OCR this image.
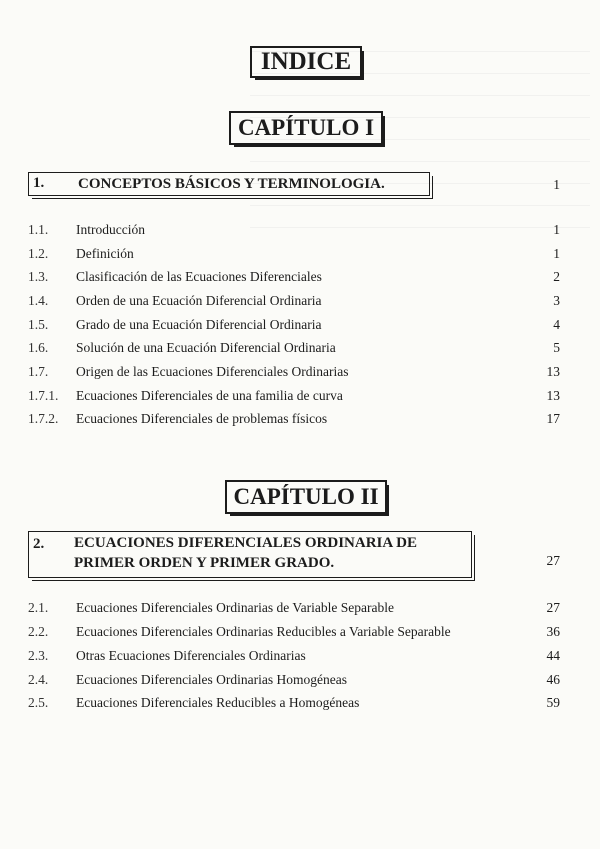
INDICE
CAPÍTULO I
1. CONCEPTOS BÁSICOS Y TERMINOLOGIA.	1
1.1. Introducción	1
1.2. Definición	1
1.3. Clasificación de las Ecuaciones Diferenciales	2
1.4. Orden de una Ecuación Diferencial Ordinaria	3
1.5. Grado de una Ecuación Diferencial Ordinaria	4
1.6. Solución de una Ecuación Diferencial Ordinaria	5
1.7. Origen de las Ecuaciones Diferenciales Ordinarias	13
1.7.1. Ecuaciones Diferenciales de una familia de curva	13
1.7.2. Ecuaciones Diferenciales de problemas físicos	17
CAPÍTULO II
2. ECUACIONES DIFERENCIALES ORDINARIA DE
PRIMER ORDEN Y PRIMER GRADO.	27
2.1. Ecuaciones Diferenciales Ordinarias de Variable Separable	27
2.2. Ecuaciones Diferenciales Ordinarias Reducibles a Variable Separable	36
2.3. Otras Ecuaciones Diferenciales Ordinarias	44
2.4. Ecuaciones Diferenciales Ordinarias Homogéneas	46
2.5. Ecuaciones Diferenciales Reducibles a Homogéneas	59
